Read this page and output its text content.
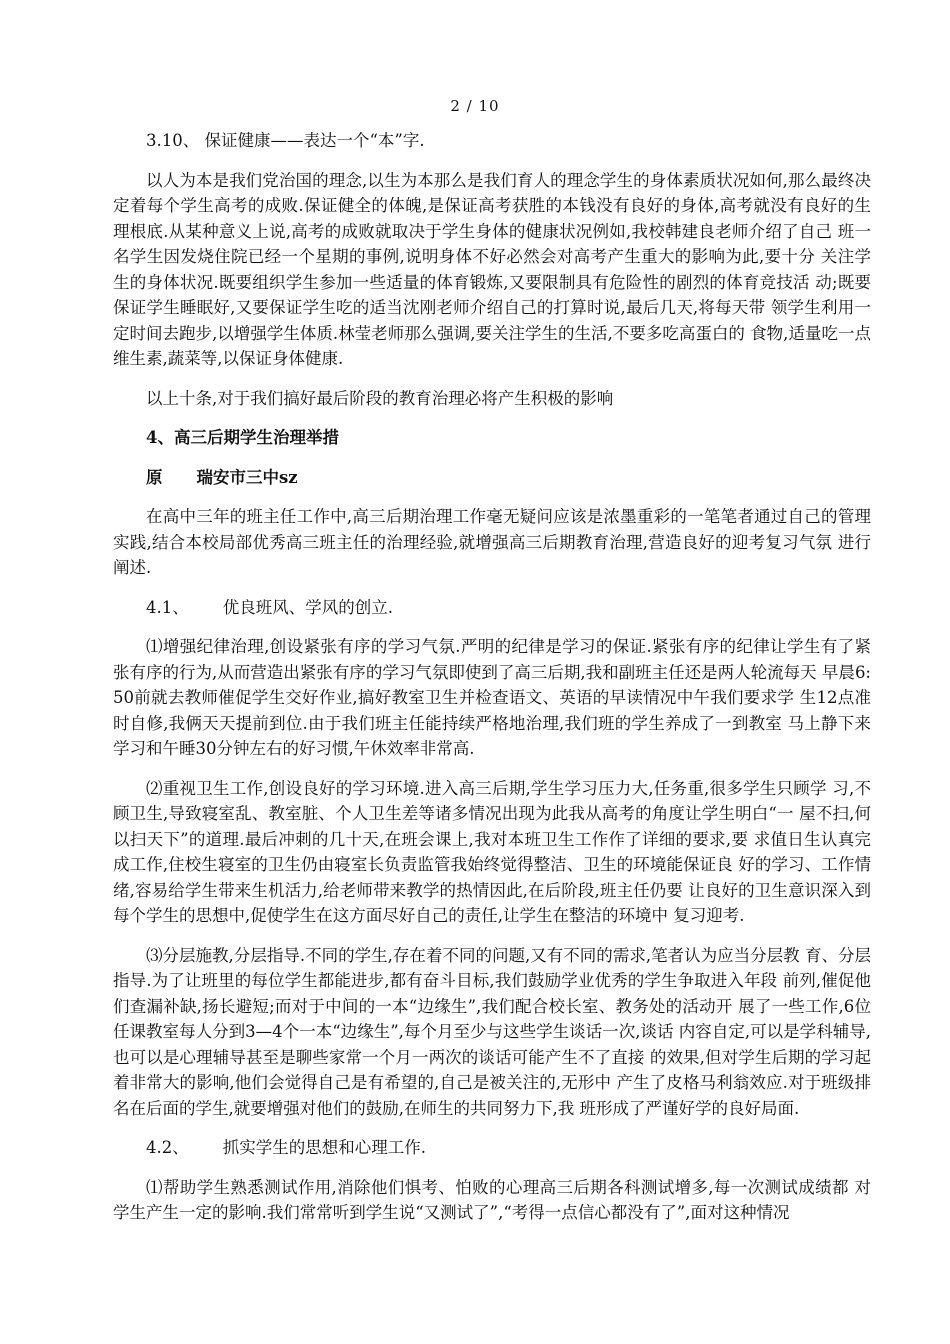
2 / 10

3.10、 保证健康——表达一个“本”字.

以人为本是我们党治国的理念,以生为本那么是我们育人的理念学生的身体素质状况如何,那么最终决 定着每个学生高考的成败.保证健全的体魄,是保证高考获胜的本钱没有良好的身体,高考就没有良好的生理根底.从某种意义上说,高考的成败就取决于学生身体的健康状况例如,我校韩建良老师介绍了自己 班一名学生因发烧住院已经一个星期的事例,说明身体不好必然会对高考产生重大的影响为此,要十分 关注学生的身体状况.既要组织学生参加一些适量的体育锻炼,又要限制具有危险性的剧烈的体育竞技活 动;既要保证学生睡眠好,又要保证学生吃的适当沈刚老师介绍自己的打算时说,最后几天,将每天带 领学生利用一定时间去跑步,以增强学生体质.林莹老师那么强调,要关注学生的生活,不要多吃高蛋白的 食物,适量吃一点维生素,蔬菜等,以保证身体健康.

以上十条,对于我们搞好最后阶段的教育治理必将产生积极的影响

4、高三后期学生治理举措

原 瑞安市三中sz

在高中三年的班主任工作中,高三后期治理工作毫无疑问应该是浓墨重彩的一笔笔者通过自己的管理实践,结合本校局部优秀高三班主任的治理经验,就增强高三后期教育治理,营造良好的迎考复习气氛 进行阐述.

4.1、 优良班风、学风的创立.

⑴增强纪律治理,创设紧张有序的学习气氛.严明的纪律是学习的保证.紧张有序的纪律让学生有了紧张有序的行为,从而营造出紧张有序的学习气氛即使到了高三后期,我和副班主任还是两人轮流每天 早晨6: 50前就去教师催促学生交好作业,搞好教室卫生并检查语文、英语的早读情况中午我们要求学 生12点准时自修,我俩天天提前到位.由于我们班主任能持续严格地治理,我们班的学生养成了一到教室 马上静下来学习和午睡30分钟左右的好习惯,午休效率非常高.

⑵重视卫生工作,创设良好的学习环境.进入高三后期,学生学习压力大,任务重,很多学生只顾学 习,不顾卫生,导致寝室乱、教室脏、个人卫生差等诸多情况出现为此我从高考的角度让学生明白“一 屋不扫,何以扫天下”的道理.最后冲刺的几十天,在班会课上,我对本班卫生工作作了详细的要求,要 求值日生认真完成工作,住校生寝室的卫生仍由寝室长负责监管我始终觉得整洁、卫生的环境能保证良 好的学习、工作情绪,容易给学生带来生机活力,给老师带来教学的热情因此,在后阶段,班主任仍要 让良好的卫生意识深入到每个学生的思想中,促使学生在这方面尽好自己的责任,让学生在整洁的环境中 复习迎考.

⑶分层施教,分层指导.不同的学生,存在着不同的问题,又有不同的需求,笔者认为应当分层教 育、分层指导.为了让班里的每位学生都能进步,都有奋斗目标,我们鼓励学业优秀的学生争取进入年段 前列,催促他们查漏补缺,扬长避短;而对于中间的一本“边缘生”,我们配合校长室、教务处的活动开 展了一些工作,6位任课教室每人分到3—4个一本“边缘生”,每个月至少与这些学生谈话一次,谈话 内容自定,可以是学科辅导,也可以是心理辅导甚至是聊些家常一个月一两次的谈话可能产生不了直接 的效果,但对学生后期的学习起着非常大的影响,他们会觉得自己是有希望的,自己是被关注的,无形中 产生了皮格马利翁效应.对于班级排名在后面的学生,就要增强对他们的鼓励,在师生的共同努力下,我 班形成了严谨好学的良好局面.

4.2、 抓实学生的思想和心理工作.

⑴帮助学生熟悉测试作用,消除他们惧考、怕败的心理高三后期各科测试增多,每一次测试成绩都 对学生产生一定的影响.我们常常听到学生说“又测试了”,“考得一点信心都没有了”,面对这种情况
